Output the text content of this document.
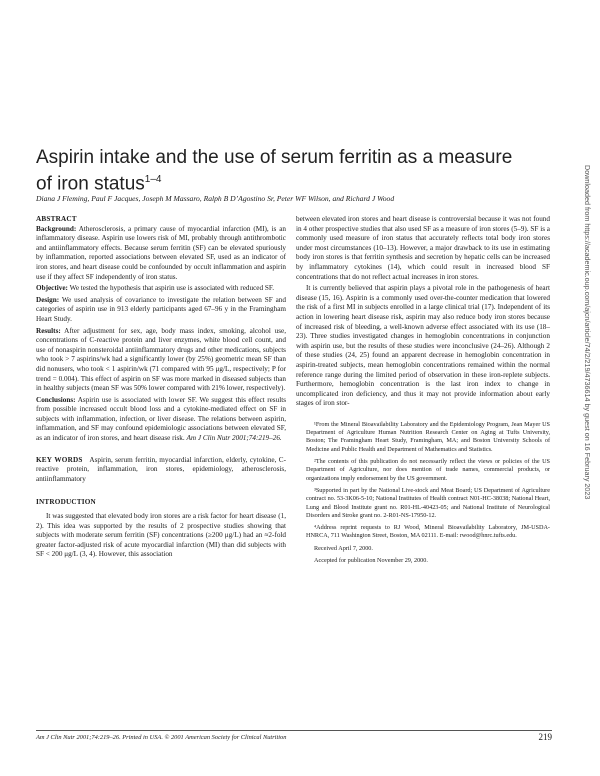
Aspirin intake and the use of serum ferritin as a measure of iron status$^{1-4}$
Diana J Fleming, Paul F Jacques, Joseph M Massaro, Ralph B D’Agostino Sr, Peter WF Wilson, and Richard J Wood
ABSTRACT

Background: Atherosclerosis, a primary cause of myocardial infarction (MI), is an inflammatory disease. Aspirin use lowers risk of MI, probably through antithrombotic and antiinflammatory effects. Because serum ferritin (SF) can be elevated spuriously by inflammation, reported associations between elevated SF, used as an indicator of iron stores, and heart disease could be confounded by occult inflammation and aspirin use if they affect SF independently of iron status.

Objective: We tested the hypothesis that aspirin use is associated with reduced SF.

Design: We used analysis of covariance to investigate the relation between SF and categories of aspirin use in 913 elderly participants aged 67–96 y in the Framingham Heart Study.

Results: After adjustment for sex, age, body mass index, smoking, alcohol use, concentrations of C-reactive protein and liver enzymes, white blood cell count, and use of nonaspirin nonsteroidal antiinflammatory drugs and other medications, subjects who took > 7 aspirins/wk had a significantly lower (by 25%) geometric mean SF than did nonusers, who took < 1 aspirin/wk (71 compared with 95 μg/L, respectively; P for trend = 0.004). This effect of aspirin on SF was more marked in diseased subjects than in healthy subjects (mean SF was 50% lower compared with 21% lower, respectively).

Conclusions: Aspirin use is associated with lower SF. We suggest this effect results from possible increased occult blood loss and a cytokine-mediated effect on SF in subjects with inflammation, infection, or liver disease. The relations between aspirin, inflammation, and SF may confound epidemiologic associations between elevated SF, as an indicator of iron stores, and heart disease risk. Am J Clin Nutr 2001;74:219–26.

KEY WORDS Aspirin, serum ferritin, myocardial infarction, elderly, cytokine, C-reactive protein, inflammation, iron stores, epidemiology, atherosclerosis, antiinflammatory

INTRODUCTION

It was suggested that elevated body iron stores are a risk factor for heart disease (1, 2). This idea was supported by the results of 2 prospective studies showing that subjects with moderate serum ferritin (SF) concentrations (≥200 μg/L) had an ≈2-fold greater factor-adjusted risk of acute myocardial infarction (MI) than did subjects with SF < 200 μg/L (3, 4). However, this association

between elevated iron stores and heart disease is controversial because it was not found in 4 other prospective studies that also used SF as a measure of iron stores (5–9). SF is a commonly used measure of iron status that accurately reflects total body iron stores under most circumstances (10–13). However, a major drawback to its use in estimating body iron stores is that ferritin synthesis and secretion by hepatic cells can be increased by inflammatory cytokines (14), which could result in increased blood SF concentrations that do not reflect actual increases in iron stores.

It is currently believed that aspirin plays a pivotal role in the pathogenesis of heart disease (15, 16). Aspirin is a commonly used over-the-counter medication that lowered the risk of a first MI in subjects enrolled in a large clinical trial (17). Independent of its action in lowering heart disease risk, aspirin may also reduce body iron stores because of increased risk of bleeding, a well-known adverse effect associated with its use (18–23). Three studies investigated changes in hemoglobin concentrations in conjunction with aspirin use, but the results of these studies were inconclusive (24–26). Although 2 of these studies (24, 25) found an apparent decrease in hemoglobin concentration in aspirin-treated subjects, mean hemoglobin concentrations remained within the normal reference range during the limited period of observation in these iron-replete subjects. Furthermore, hemoglobin concentration is the last iron index to change in uncomplicated iron deficiency, and thus it may not provide information about early stages of iron stor-

¹From the Mineral Bioavailability Laboratory and the Epidemiology Program, Jean Mayer US Department of Agriculture Human Nutrition Research Center on Aging at Tufts University, Boston; The Framingham Heart Study, Framingham, MA; and Boston University Schools of Medicine and Public Health and Department of Mathematics and Statistics.

²The contents of this publication do not necessarily reflect the views or policies of the US Department of Agriculture, nor does mention of trade names, commercial products, or organizations imply endorsement by the US government.

³Supported in part by the National Live-stock and Meat Board; US Department of Agriculture contract no. 53-3K06-5-10; National Institutes of Health contract N01-HC-38038; National Heart, Lung and Blood Institute grant no. R01-HL-40423-05; and National Institute of Neurological Disorders and Stroke grant no. 2-R01-NS-17950-12.

⁴Address reprint requests to RJ Wood, Mineral Bioavailability Laboratory, JM-USDA-HNRCA, 711 Washington Street, Boston, MA 02111. E-mail: rwood@hnrc.tufts.edu.

Received April 7, 2000.

Accepted for publication November 29, 2000.

Am J Clin Nutr 2001;74:219–26. Printed in USA. © 2001 American Society for Clinical Nutrition	219
Downloaded from https://academic.oup.com/ajcn/article/74/2/219/4736614 by guest on 16 February 2023
